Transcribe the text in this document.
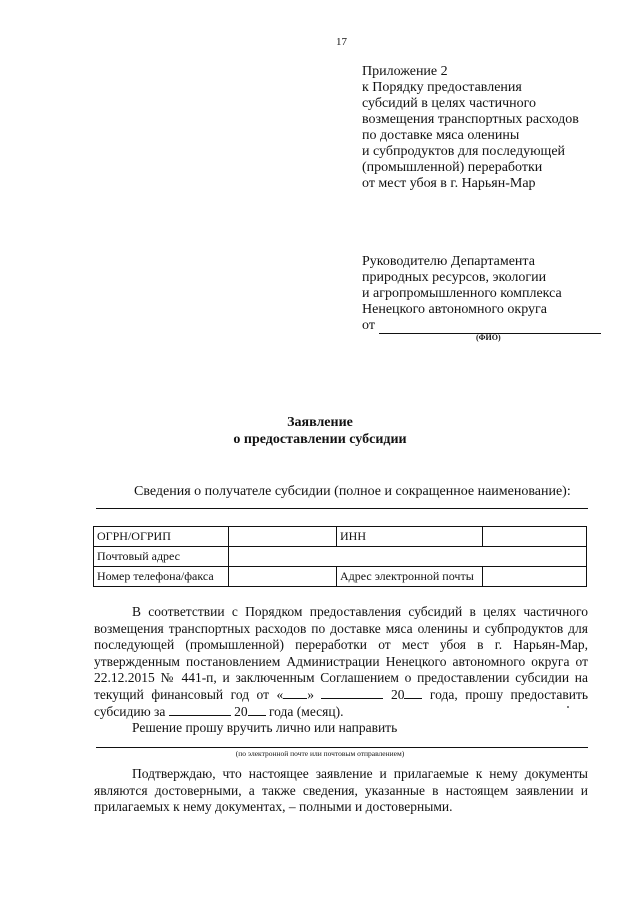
17
Приложение 2
к Порядку предоставления
субсидий в целях частичного
возмещения транспортных расходов
по доставке мяса оленины
и субпродуктов для последующей
(промышленной) переработки
от мест убоя в г. Нарьян-Мар
Руководителю Департамента
природных ресурсов, экологии
и агропромышленного комплекса
Ненецкого автономного округа
от
(ФИО)
Заявление
о предоставлении субсидии
Сведения о получателе субсидии (полное и сокращенное наименование):
ОГРН/ОГРИП		ИНН	
Почтовый адрес			
Номер телефона/факса		Адрес электронной почты	

В соответствии с Порядком предоставления субсидий в целях частичного возмещения транспортных расходов по доставке мяса оленины и субпродуктов для последующей (промышленной) переработки от мест убоя в г. Нарьян-Мар, утвержденным постановлением Администрации Ненецкого автономного округа от 22.12.2015 № 441-п, и заключенным Соглашением о предоставлении субсидии на текущий финансовый год от « »	20 года, прошу предоставить субсидию за	20 года (месяц).

Решение прошу вручить лично или направить

(по электронной почте или почтовым отправлением)

Подтверждаю, что настоящее заявление и прилагаемые к нему документы являются достоверными, а также сведения, указанные в настоящем заявлении и прилагаемых к нему документах, – полными и достоверными.
